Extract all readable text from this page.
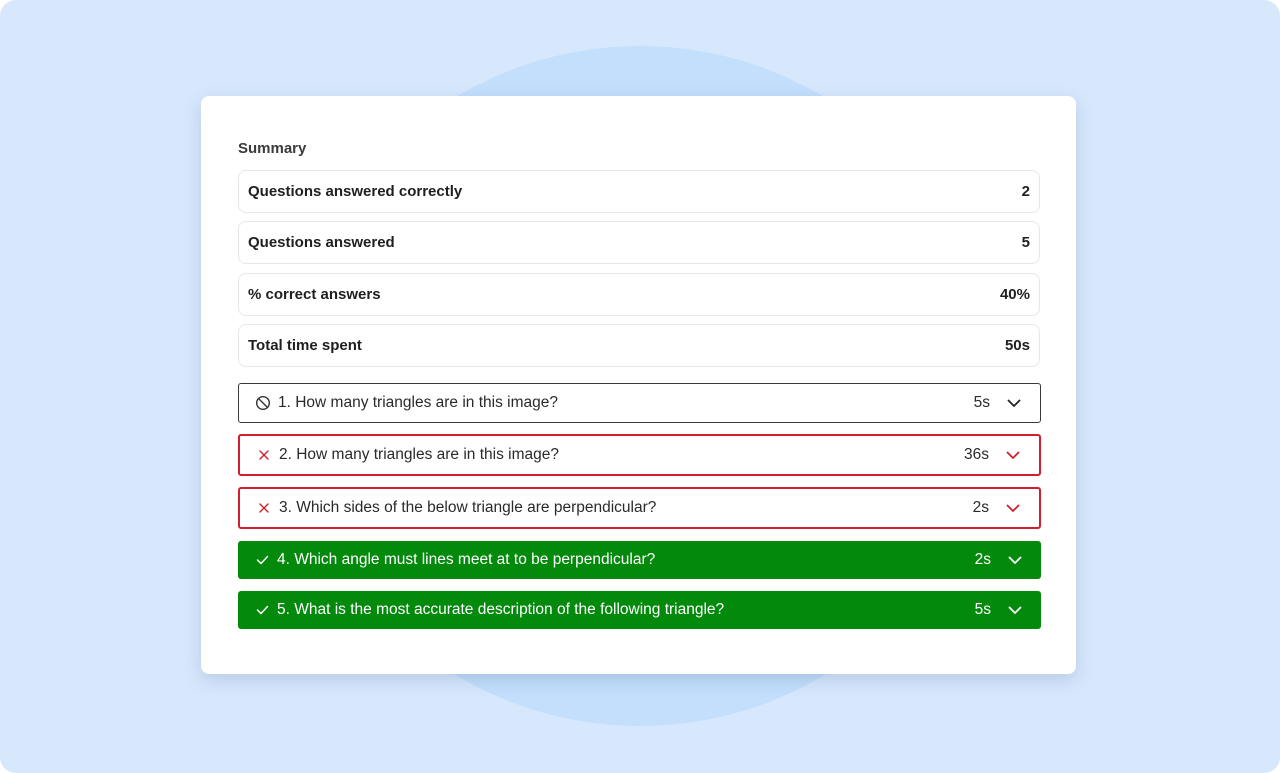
Summary
Questions answered correctly	2
Questions answered	5
% correct answers	40%
Total time spent	50s
1. How many triangles are in this image?	5s
2. How many triangles are in this image?	36s
3. Which sides of the below triangle are perpendicular?	2s
4. Which angle must lines meet at to be perpendicular?	2s
5. What is the most accurate description of the following triangle?	5s
